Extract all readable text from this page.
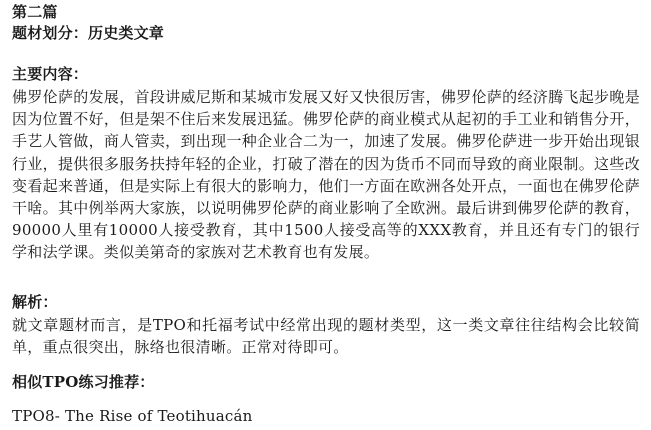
第二篇
题材划分：历史类文章
主要内容：
佛罗伦萨的发展，首段讲威尼斯和某城市发展又好又快很厉害，佛罗伦萨的经济腾飞起步晚是因为位置不好，但是架不住后来发展迅猛。佛罗伦萨的商业模式从起初的手工业和销售分开，手艺人管做，商人管卖，到出现一种企业合二为一，加速了发展。佛罗伦萨进一步开始出现银行业，提供很多服务扶持年轻的企业，打破了潜在的因为货币不同而导致的商业限制。这些改变看起来普通，但是实际上有很大的影响力，他们一方面在欧洲各处开点，一面也在佛罗伦萨干啥。其中例举两大家族，以说明佛罗伦萨的商业影响了全欧洲。最后讲到佛罗伦萨的教育，90000人里有10000人接受教育，其中1500人接受高等的XXX教育，并且还有专门的银行学和法学课。类似美第奇的家族对艺术教育也有发展。
解析：
就文章题材而言，是TPO和托福考试中经常出现的题材类型，这一类文章往往结构会比较简单，重点很突出，脉络也很清晰。正常对待即可。
相似TPO练习推荐：
TPO8- The Rise of Teotihuacán
